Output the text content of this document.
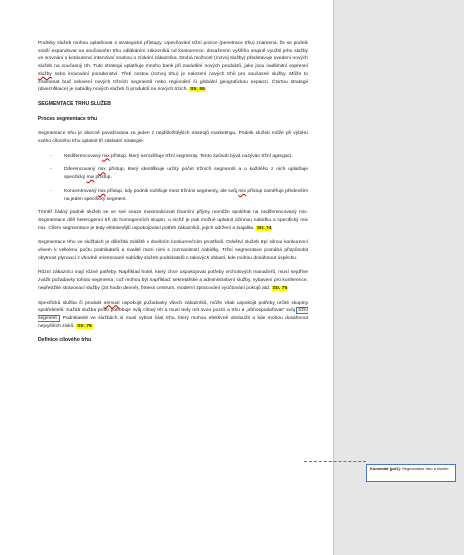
Podniky služeb mohou uplatňovat 4 strategické přístupy. Upevňování tržní pozice (penetrace trhu) znamená, že se podnik snaží expandovat na současném trhu odlákáním zákazníků od konkurence, dosažením vyššího stupně využití jeho služby ve srovnání s konkurencí intenzivní snahou o získání zákazníka. Druhá možnost (rozvoj služby) představuje uvedení nových služeb na současný trh. Tuto strategii uplatňuje mnoho bank při zavádění nových produktů, jako jsou nadlimitní expresní služby nebo inovování poradenství. Třetí cestou (rozvoj trhu) je nalezení nových trhů pro současné služby. Může to znamenat buď oslovení nových tržních segmentů nebo regionální či globální geografickou expanzi. Čtvrtou strategií (diverzifikace) je nabídky nových služeb či produktů na nových trzích. Str. 55

SEGMENTACE TRHU SLUŽEB
Proces segmentace trhu

Segmentace trhu je obecně považována za jeden z nejdůležitějších nástrojů marketingu. Podnik služeb může při výběru svého cílového trhu uplatnit tři základní strategie:

- Nediferencovaný mix přístup, který nerozlišuje tržní segmenty. Tento způsob bývá nazýván tržní agregací.
- Diferencovaný mix přístup, který identifikuje určitý počet tržních segmentů a u každého z nich uplatňuje specifický mix přístup.
- Koncentrovaný mix přístup, kdy podnik rozlišuje mezi tržními segmenty, ale svůj mix přístup zaměřuje především na jeden specifický segment.

Téměř žádný podnik služeb se ve své snaze maximalizovat finanční příjmy nemůže spoléhat na nediferencovaný mix. Segmentace dělí heterogenní trh do homogenních skupin, u nichž je pak možné uplatnit účinnou nabídku a specifický mix mix. Cílem segmentace je tedy efektivnější uspokojování potřeb zákazníků, jejich udržení a loajalita. Str. 74

Segmentace trhu ve službách je důležitá zvláště v dnešním konkurenčním prostředí. Odvětví služeb trpí silnou konkurencí vlivem k velkému počtu podnikatelů a rivalitě mezi nimi s rozmanitostí nabídky. Tržní segmentace pomáhá přizpůsobit obytnost plynoucí z vhodně orientované nabídky služeb podnikatelů o takových oblastí, kde mohou dosáhnout úspěchu.

Různí zákazníci mají různé potřeby. Například hotel, který chce uspokojovat potřeby vrcholových manažerů, musí nejdříve zvážit požadavky tohoto segmentu, což mohou být například: sekretářské a administrativní služby, vybavení pro konference, nepřetržité stravovací služby (24 hodin denně), fitness centrum, moderní zpracování vyúčtování pokojů atd. Str. 75

Specifická služba či produkt nemusí uspokojit požadavky všech zákazníků, může však uspokojit potřeby určité skupiny spotřebitelů. Každá služba proto potřebuje svůj cílový trh a musí tedy mít svou pozici a trhu a „obhospodařovat“ svůj tržní segment. Podnikatelé ve službách si musí vybrat část trhu, který mohou efektivně obsloužit a kde mohou dosáhnout nejvyšších zisků. Str. 76

Definice cílového trhu
Komentář [pd1]: Segmentace trhu a služeb
